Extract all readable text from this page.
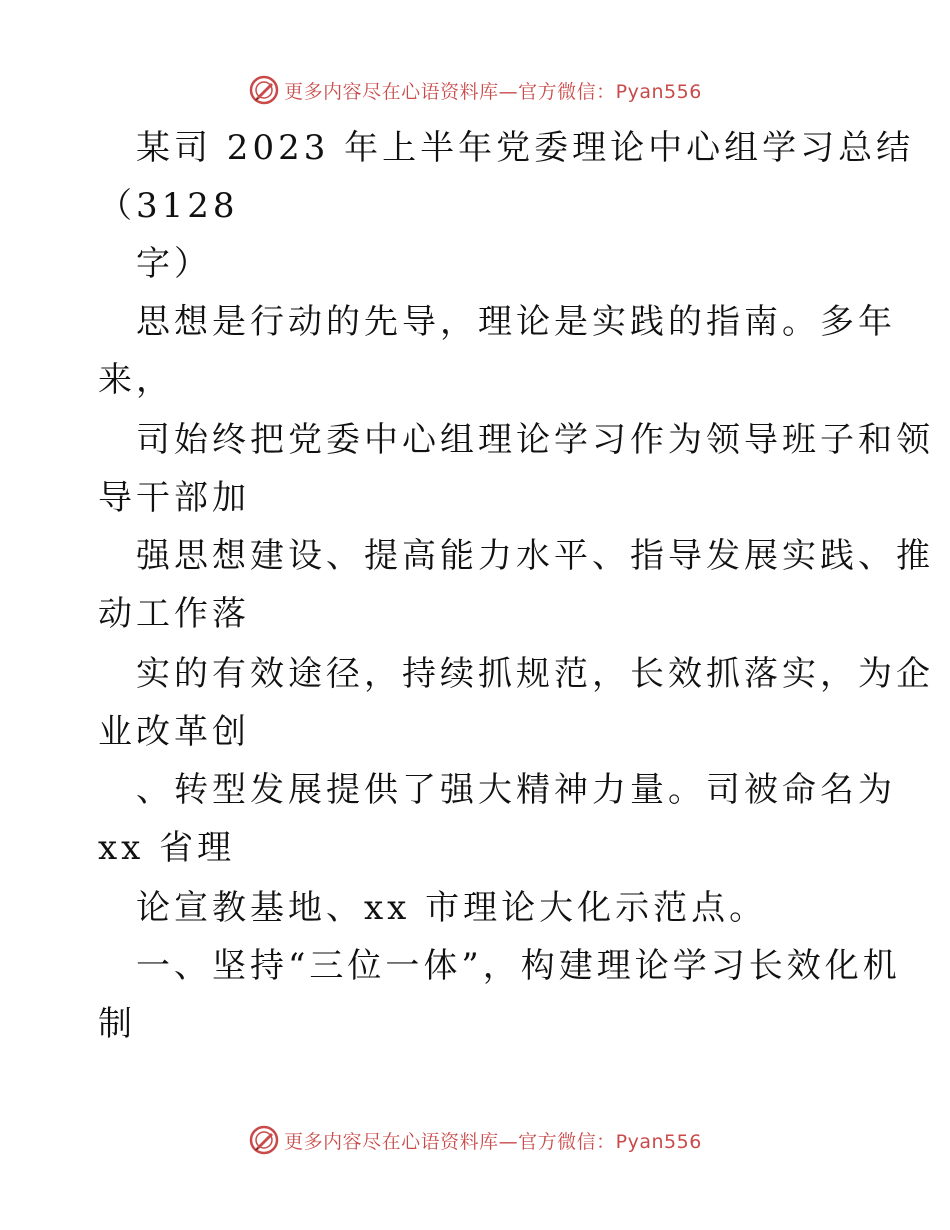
更多内容尽在心语资料库—官方微信：Pyan556
某司 2023 年上半年党委理论中心组学习总结
（3128
字）
思想是行动的先导，理论是实践的指南。多年
来，
司始终把党委中心组理论学习作为领导班子和领
导干部加
强思想建设、提高能力水平、指导发展实践、推
动工作落
实的有效途径，持续抓规范，长效抓落实，为企
业改革创
、转型发展提供了强大精神力量。司被命名为
xx 省理
论宣教基地、xx 市理论大化示范点。
一、坚持“三位一体”，构建理论学习长效化机
制
更多内容尽在心语资料库—官方微信：Pyan556
